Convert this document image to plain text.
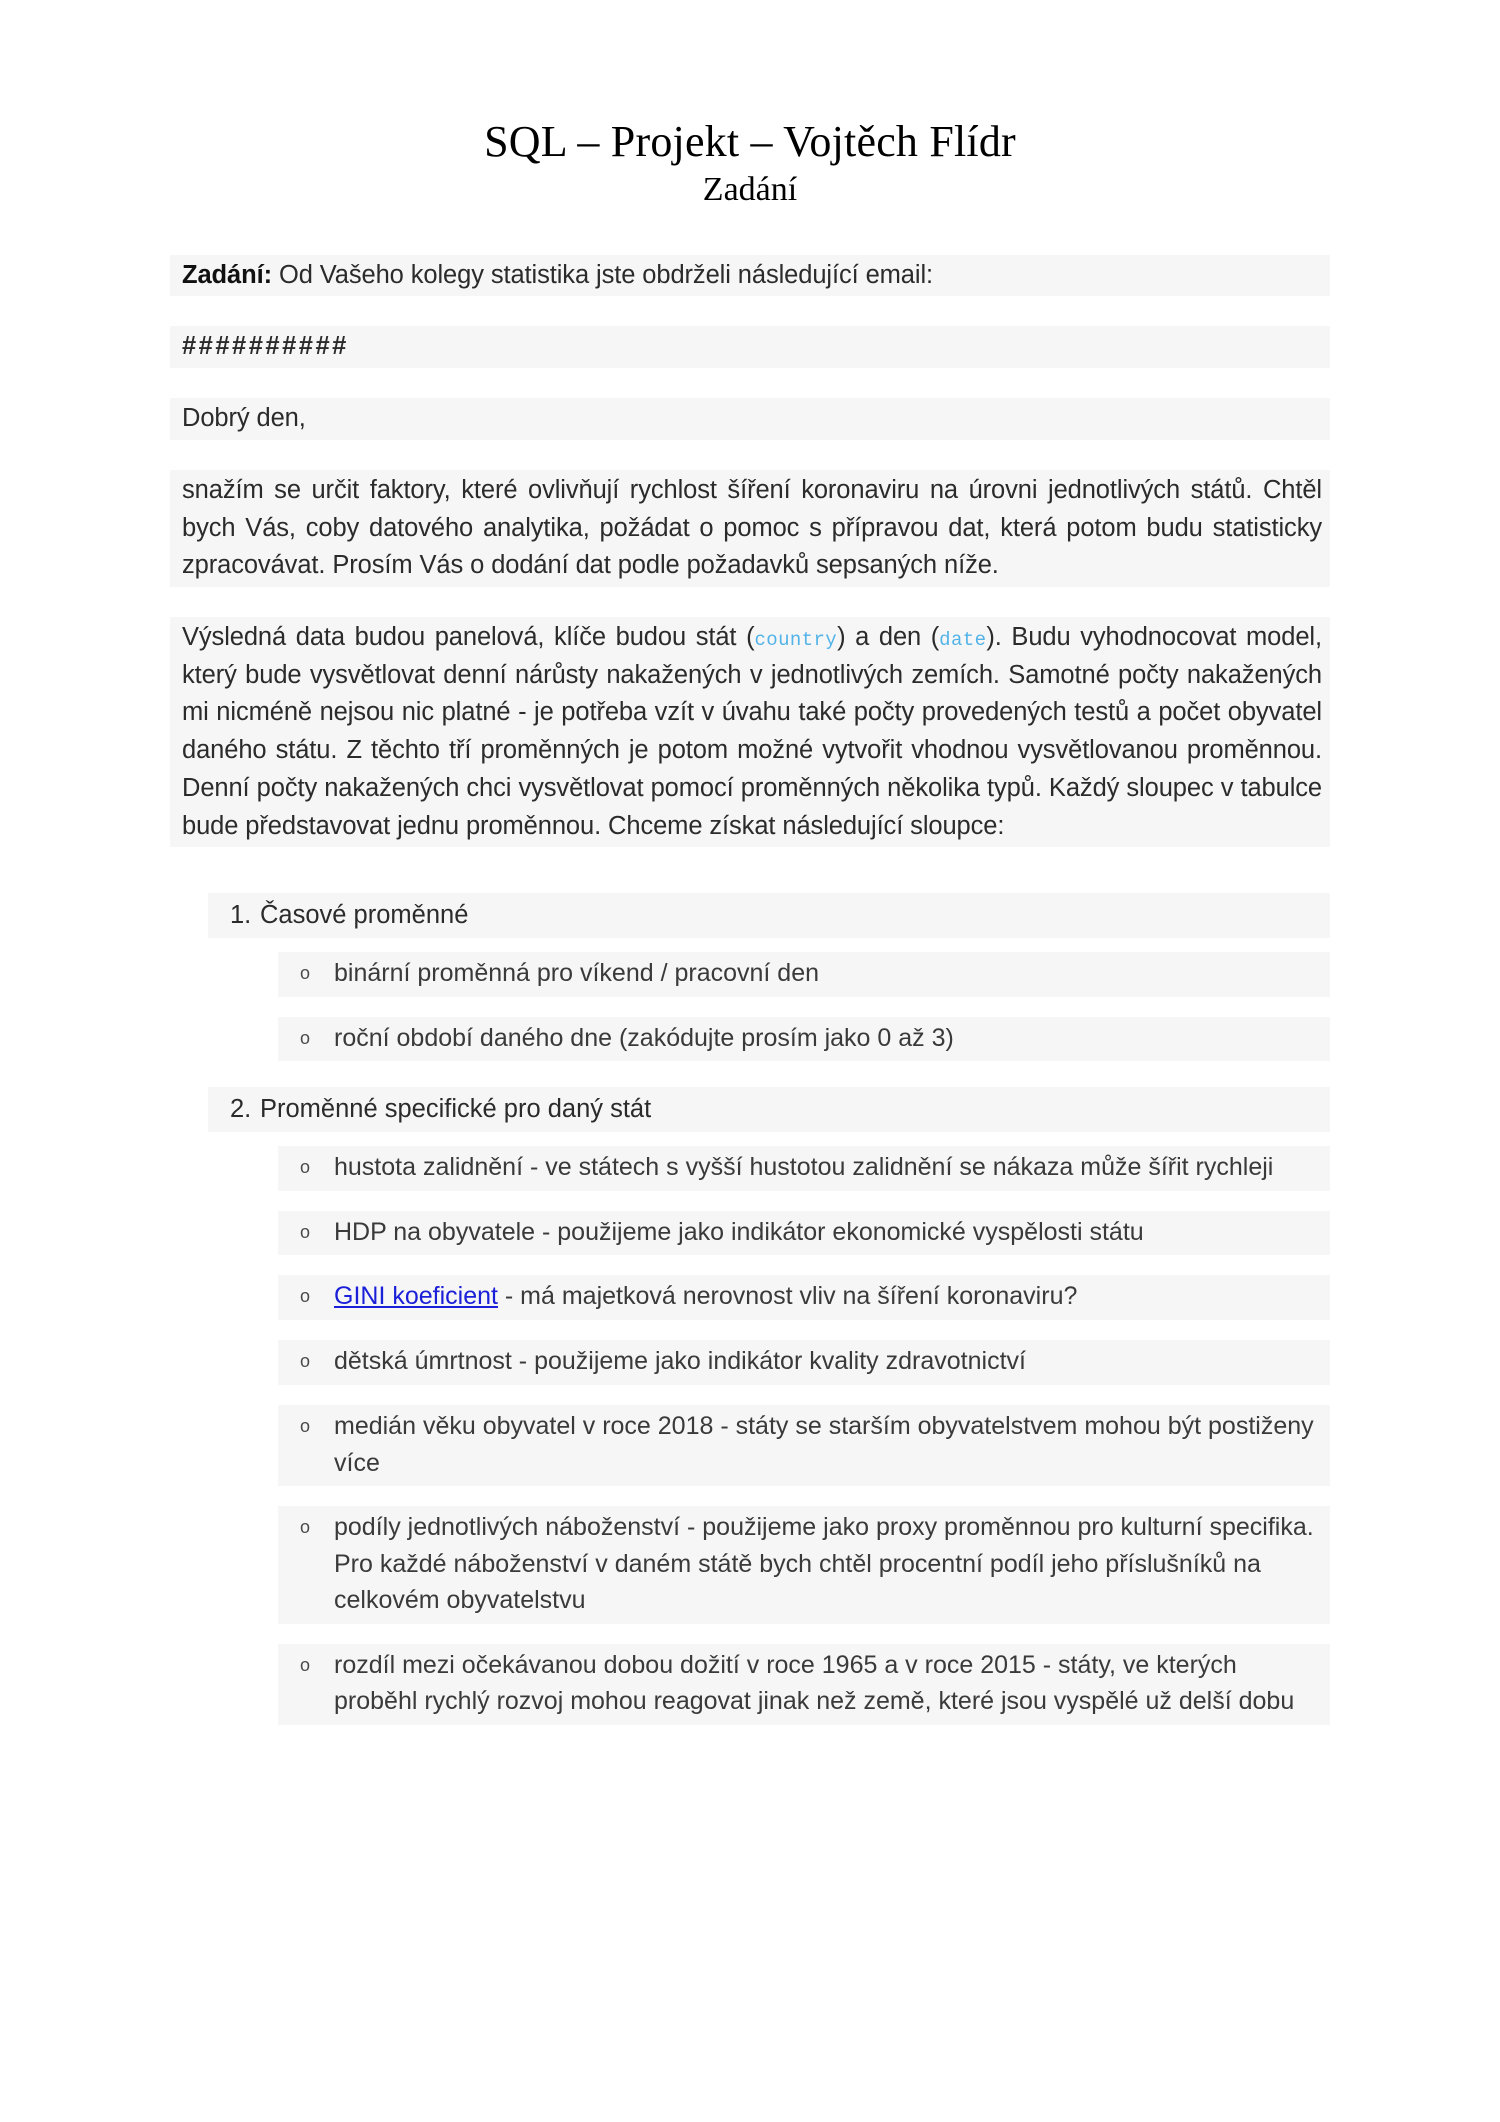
SQL – Projekt – Vojtěch Flídr
Zadání

Zadání: Od Vašeho kolegy statistika jste obdrželi následující email:

##########

Dobrý den,

snažím se určit faktory, které ovlivňují rychlost šíření koronaviru na úrovni jednotlivých států. Chtěl bych Vás, coby datového analytika, požádat o pomoc s přípravou dat, která potom budu statisticky zpracovávat. Prosím Vás o dodání dat podle požadavků sepsaných níže.

Výsledná data budou panelová, klíče budou stát (country) a den (date). Budu vyhodnocovat model, který bude vysvětlovat denní nárůsty nakažených v jednotlivých zemích. Samotné počty nakažených mi nicméně nejsou nic platné - je potřeba vzít v úvahu také počty provedených testů a počet obyvatel daného státu. Z těchto tří proměnných je potom možné vytvořit vhodnou vysvětlovanou proměnnou. Denní počty nakažených chci vysvětlovat pomocí proměnných několika typů. Každý sloupec v tabulce bude představovat jednu proměnnou. Chceme získat následující sloupce:

1. Časové proměnné
o binární proměnná pro víkend / pracovní den
o roční období daného dne (zakódujte prosím jako 0 až 3)
2. Proměnné specifické pro daný stát
o hustota zalidnění - ve státech s vyšší hustotou zalidnění se nákaza může šířit rychleji
o HDP na obyvatele - použijeme jako indikátor ekonomické vyspělosti státu
o GINI koeficient - má majetková nerovnost vliv na šíření koronaviru?
o dětská úmrtnost - použijeme jako indikátor kvality zdravotnictví
o medián věku obyvatel v roce 2018 - státy se starším obyvatelstvem mohou být postiženy více
o podíly jednotlivých náboženství - použijeme jako proxy proměnnou pro kulturní specifika. Pro každé náboženství v daném státě bych chtěl procentní podíl jeho příslušníků na celkovém obyvatelstvu
o rozdíl mezi očekávanou dobou dožití v roce 1965 a v roce 2015 - státy, ve kterých proběhl rychlý rozvoj mohou reagovat jinak než země, které jsou vyspělé už delší dobu
